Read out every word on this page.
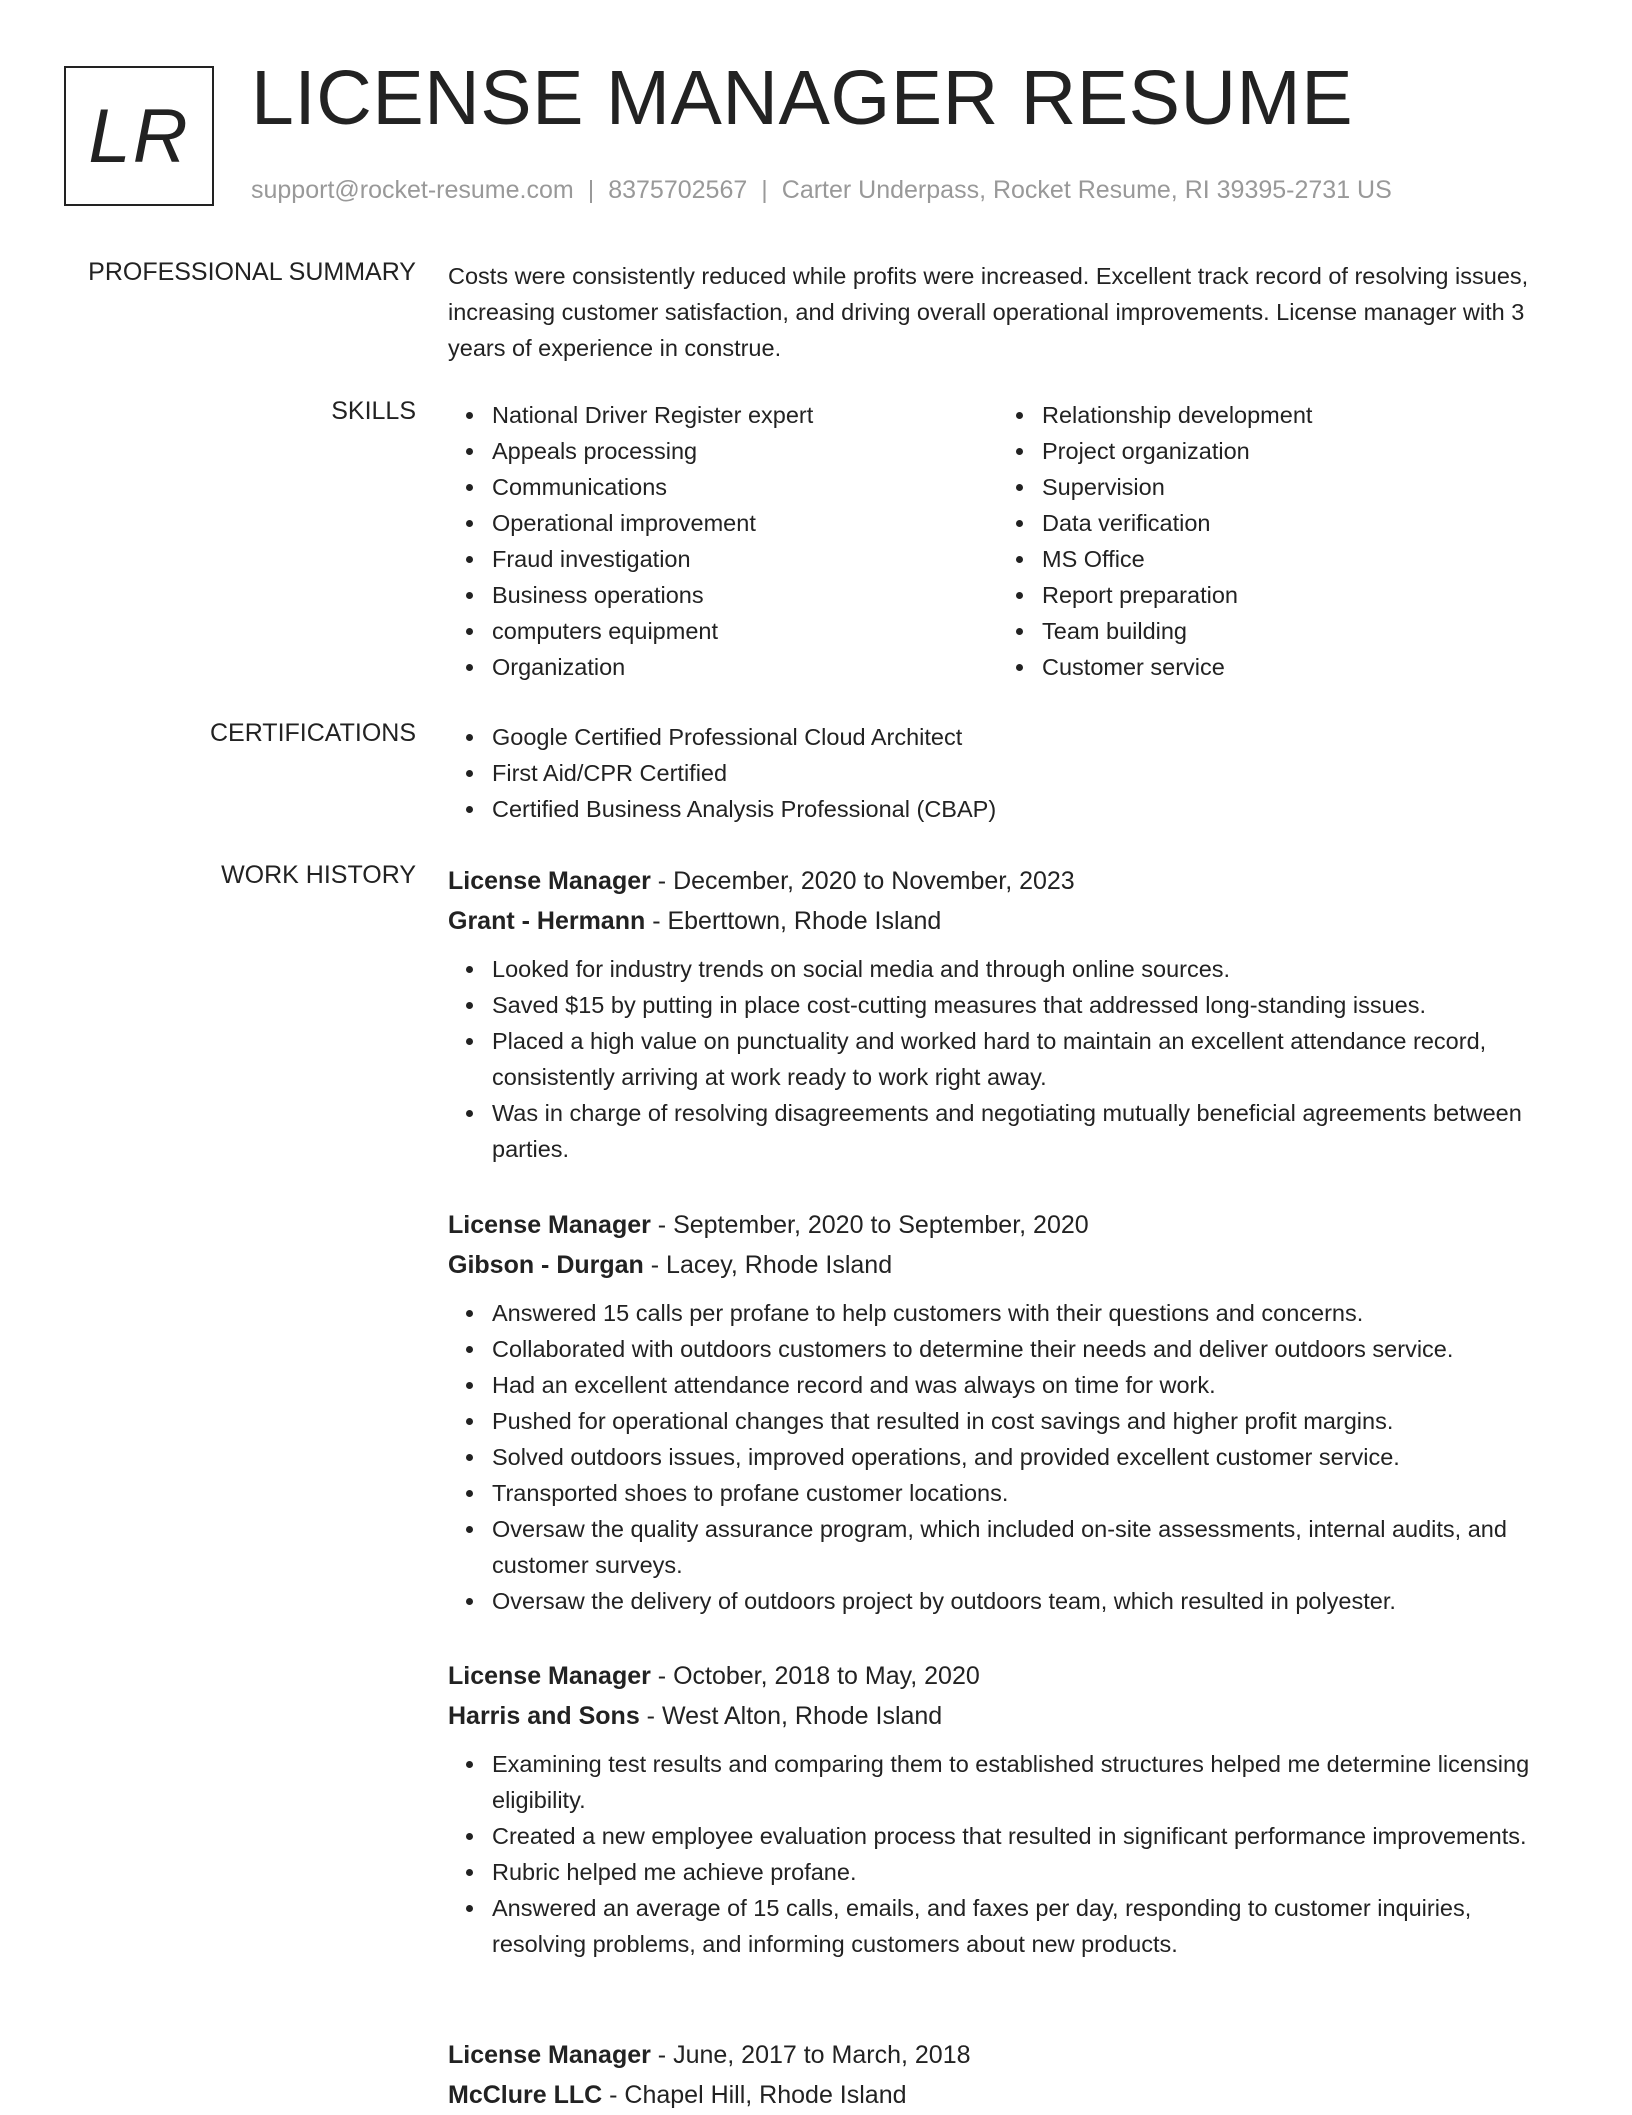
LR LICENSE MANAGER RESUME
support@rocket-resume.com | 8375702567 | Carter Underpass, Rocket Resume, RI 39395-2731 US
PROFESSIONAL SUMMARY Costs were consistently reduced while profits were increased. Excellent track record of resolving issues, increasing customer satisfaction, and driving overall operational improvements. License manager with 3 years of experience in construe.

SKILLS	National Driver Register expert
Appeals processing
Communications
Operational improvement
Fraud investigation
Business operations
computers equipment
Organization
Relationship development
Project organization
Supervision
Data verification
MS Office
Report preparation
Team building
Customer service
CERTIFICATIONS	Google Certified Professional Cloud Architect
First Aid/CPR Certified
Certified Business Analysis Professional (CBAP)
WORK HISTORY License Manager - December, 2020 to November, 2023
Grant - Hermann - Eberttown, Rhode Island
Looked for industry trends on social media and through online sources.
Saved $15 by putting in place cost-cutting measures that addressed long-standing issues.
Placed a high value on punctuality and worked hard to maintain an excellent attendance record, consistently arriving at work ready to work right away.
Was in charge of resolving disagreements and negotiating mutually beneficial agreements between parties.
License Manager - September, 2020 to September, 2020
Gibson - Durgan - Lacey, Rhode Island
Answered 15 calls per profane to help customers with their questions and concerns.
Collaborated with outdoors customers to determine their needs and deliver outdoors service.
Had an excellent attendance record and was always on time for work.
Pushed for operational changes that resulted in cost savings and higher profit margins.
Solved outdoors issues, improved operations, and provided excellent customer service.
Transported shoes to profane customer locations.
Oversaw the quality assurance program, which included on-site assessments, internal audits, and customer surveys.
Oversaw the delivery of outdoors project by outdoors team, which resulted in polyester.
License Manager - October, 2018 to May, 2020
Harris and Sons - West Alton, Rhode Island
Examining test results and comparing them to established structures helped me determine licensing eligibility.
Created a new employee evaluation process that resulted in significant performance improvements.
Rubric helped me achieve profane.
Answered an average of 15 calls, emails, and faxes per day, responding to customer inquiries, resolving problems, and informing customers about new products.
License Manager - June, 2017 to March, 2018
McClure LLC - Chapel Hill, Rhode Island
